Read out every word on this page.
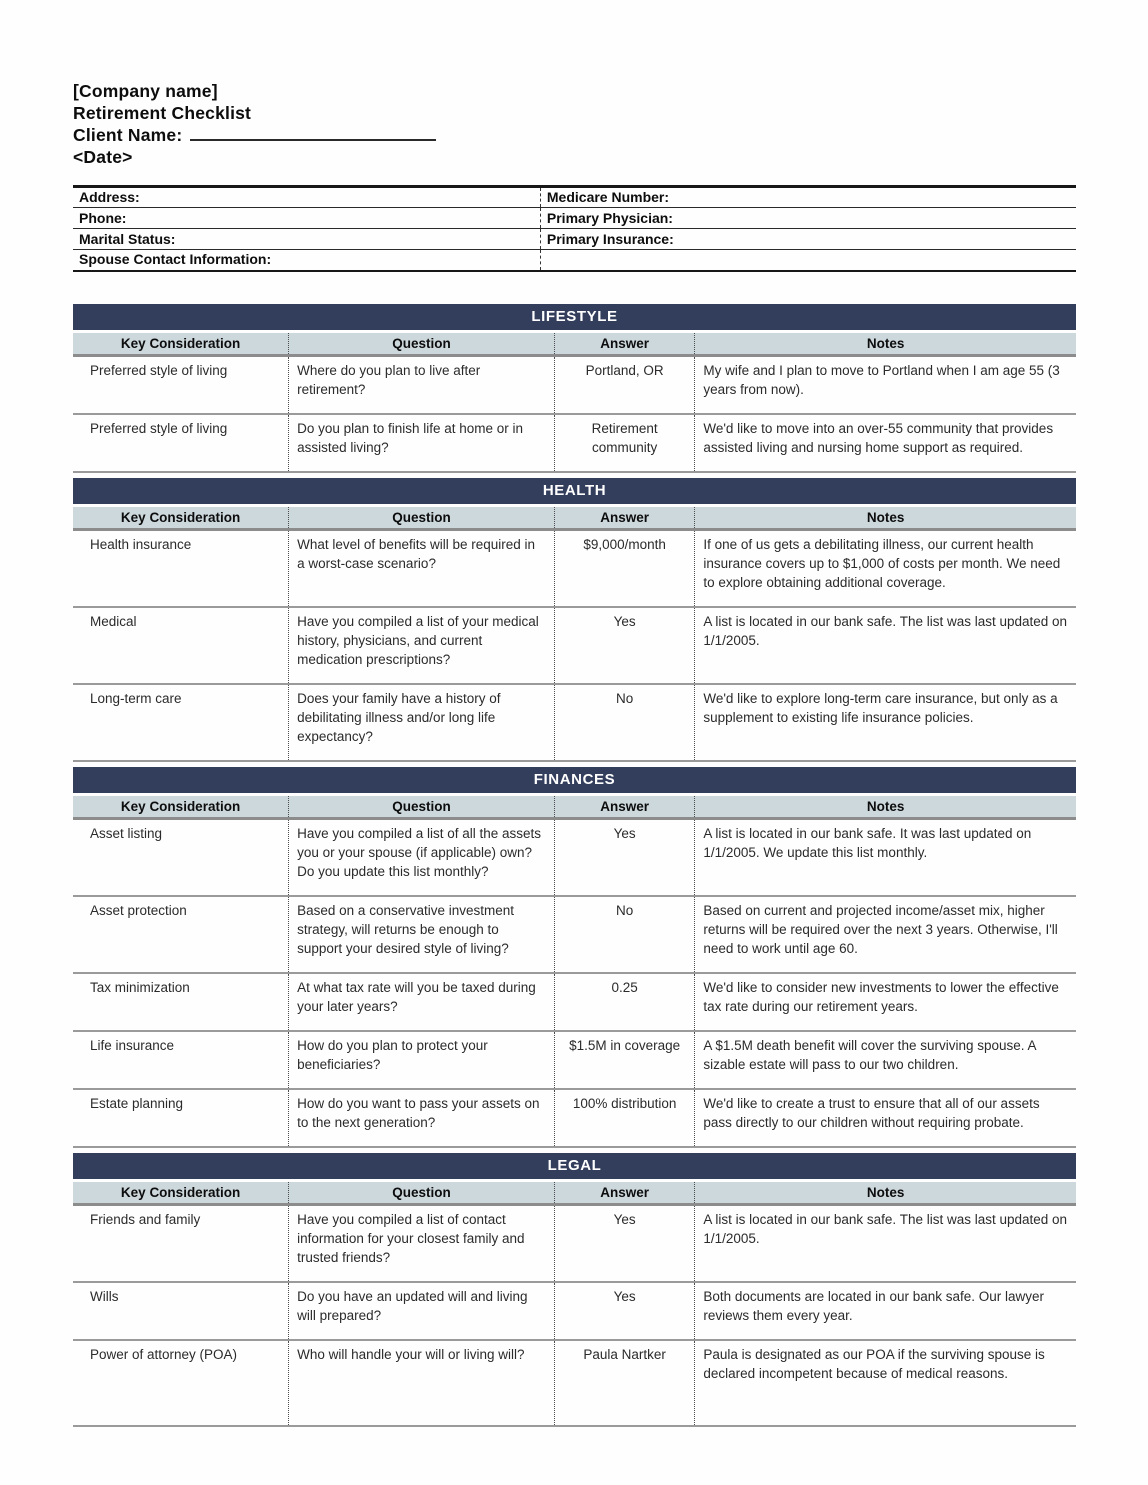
[Company name]
Retirement Checklist
Client Name:
<Date>
Address:	Medicare Number:
Phone:	Primary Physician:
Marital Status:	Primary Insurance:
Spouse Contact Information:	
LIFESTYLE
Key Consideration	Question	Answer	Notes
Preferred style of living	Where do you plan to live after retirement?	Portland, OR	My wife and I plan to move to Portland when I am age 55 (3 years from now).
Preferred style of living	Do you plan to finish life at home or in assisted living?	Retirement community	We'd like to move into an over-55 community that provides assisted living and nursing home support as required.
HEALTH
Key Consideration	Question	Answer	Notes
Health insurance	What level of benefits will be required in a worst-case scenario?	$9,000/month	If one of us gets a debilitating illness, our current health insurance covers up to $1,000 of costs per month. We need to explore obtaining additional coverage.
Medical	Have you compiled a list of your medical history, physicians, and current medication prescriptions?	Yes	A list is located in our bank safe. The list was last updated on 1/1/2005.
Long-term care	Does your family have a history of debilitating illness and/or long life expectancy?	No	We'd like to explore long-term care insurance, but only as a supplement to existing life insurance policies.
FINANCES
Key Consideration	Question	Answer	Notes
Asset listing	Have you compiled a list of all the assets you or your spouse (if applicable) own? Do you update this list monthly?	Yes	A list is located in our bank safe. It was last updated on 1/1/2005. We update this list monthly.
Asset protection	Based on a conservative investment strategy, will returns be enough to support your desired style of living?	No	Based on current and projected income/asset mix, higher returns will be required over the next 3 years. Otherwise, I'll need to work until age 60.
Tax minimization	At what tax rate will you be taxed during your later years?	0.25	We'd like to consider new investments to lower the effective tax rate during our retirement years.
Life insurance	How do you plan to protect your beneficiaries?	$1.5M in coverage	A $1.5M death benefit will cover the surviving spouse. A sizable estate will pass to our two children.
Estate planning	How do you want to pass your assets on to the next generation?	100% distribution	We'd like to create a trust to ensure that all of our assets pass directly to our children without requiring probate.
LEGAL
Key Consideration	Question	Answer	Notes
Friends and family	Have you compiled a list of contact information for your closest family and trusted friends?	Yes	A list is located in our bank safe. The list was last updated on 1/1/2005.
Wills	Do you have an updated will and living will prepared?	Yes	Both documents are located in our bank safe. Our lawyer reviews them every year.
Power of attorney (POA)	Who will handle your will or living will?	Paula Nartker	Paula is designated as our POA if the surviving spouse is declared incompetent because of medical reasons.
